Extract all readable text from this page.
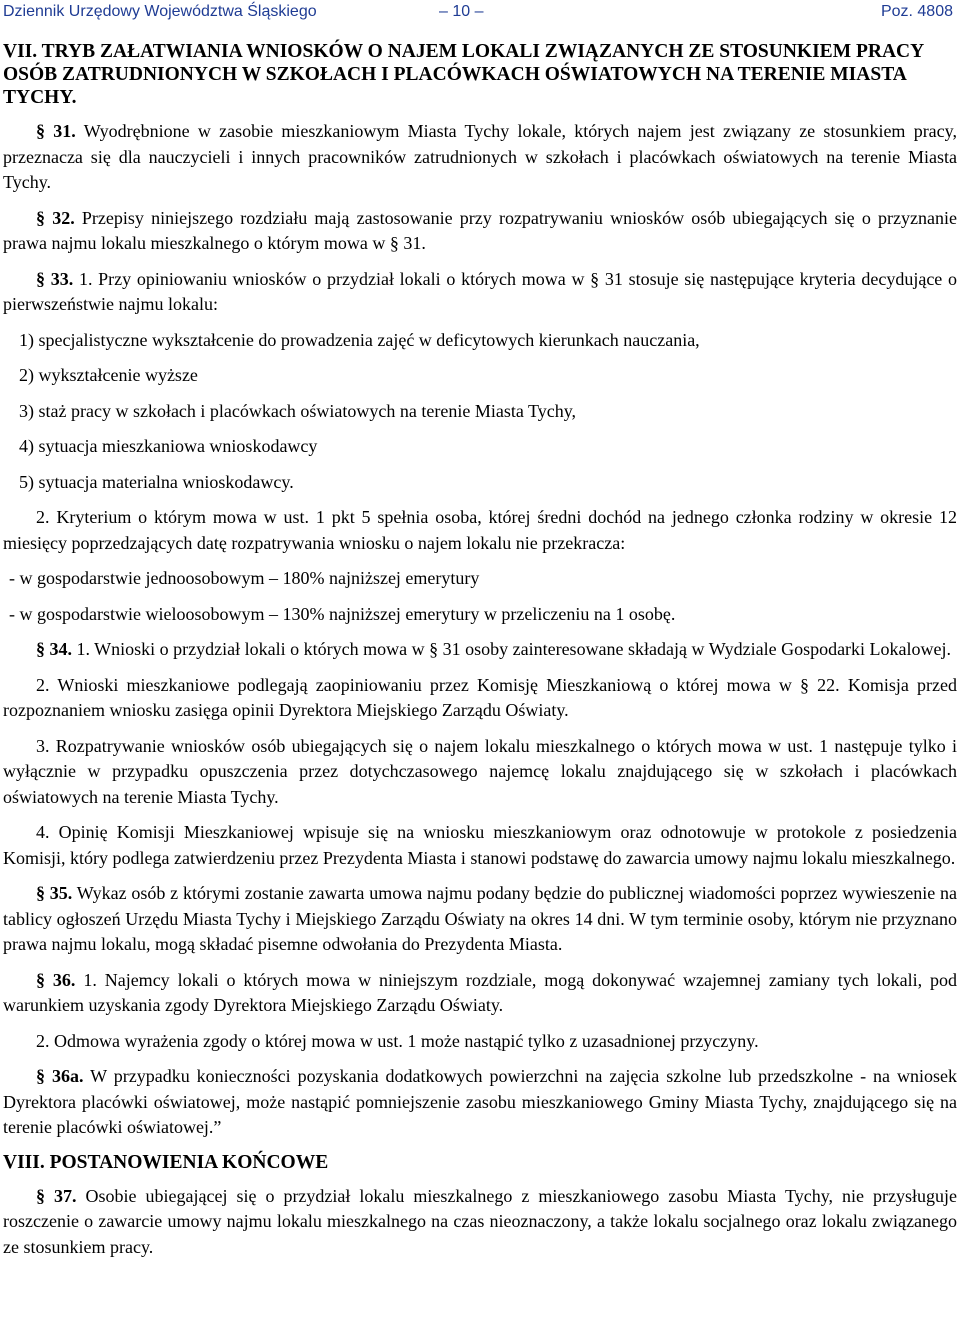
Dziennik Urzędowy Województwa Śląskiego	– 10 –	Poz. 4808
VII. TRYB ZAŁATWIANIA WNIOSKÓW O NAJEM LOKALI ZWIĄZANYCH ZE STOSUNKIEM PRACY OSÓB ZATRUDNIONYCH W SZKOŁACH I PLACÓWKACH OŚWIATOWYCH NA TERENIE MIASTA TYCHY.

§ 31. Wyodrębnione w zasobie mieszkaniowym Miasta Tychy lokale, których najem jest związany ze stosunkiem pracy, przeznacza się dla nauczycieli i innych pracowników zatrudnionych w szkołach i placówkach oświatowych na terenie Miasta Tychy.

§ 32. Przepisy niniejszego rozdziału mają zastosowanie przy rozpatrywaniu wniosków osób ubiegających się o przyznanie prawa najmu lokalu mieszkalnego o którym mowa w § 31.

§ 33. 1. Przy opiniowaniu wniosków o przydział lokali o których mowa w § 31 stosuje się następujące kryteria decydujące o pierwszeństwie najmu lokalu:

1) specjalistyczne wykształcenie do prowadzenia zajęć w deficytowych kierunkach nauczania,

2) wykształcenie wyższe

3) staż pracy w szkołach i placówkach oświatowych na terenie Miasta Tychy,

4) sytuacja mieszkaniowa wnioskodawcy

5) sytuacja materialna wnioskodawcy.

2. Kryterium o którym mowa w ust. 1 pkt 5 spełnia osoba, której średni dochód na jednego członka rodziny w okresie 12 miesięcy poprzedzających datę rozpatrywania wniosku o najem lokalu nie przekracza:

- w gospodarstwie jednoosobowym – 180% najniższej emerytury

- w gospodarstwie wieloosobowym – 130% najniższej emerytury w przeliczeniu na 1 osobę.

§ 34. 1. Wnioski o przydział lokali o których mowa w § 31 osoby zainteresowane składają w Wydziale Gospodarki Lokalowej.

2. Wnioski mieszkaniowe podlegają zaopiniowaniu przez Komisję Mieszkaniową o której mowa w § 22. Komisja przed rozpoznaniem wniosku zasięga opinii Dyrektora Miejskiego Zarządu Oświaty.

3. Rozpatrywanie wniosków osób ubiegających się o najem lokalu mieszkalnego o których mowa w ust. 1 następuje tylko i wyłącznie w przypadku opuszczenia przez dotychczasowego najemcę lokalu znajdującego się w szkołach i placówkach oświatowych na terenie Miasta Tychy.

4. Opinię Komisji Mieszkaniowej wpisuje się na wniosku mieszkaniowym oraz odnotowuje w protokole z posiedzenia Komisji, który podlega zatwierdzeniu przez Prezydenta Miasta i stanowi podstawę do zawarcia umowy najmu lokalu mieszkalnego.

§ 35. Wykaz osób z którymi zostanie zawarta umowa najmu podany będzie do publicznej wiadomości poprzez wywieszenie na tablicy ogłoszeń Urzędu Miasta Tychy i Miejskiego Zarządu Oświaty na okres 14 dni. W tym terminie osoby, którym nie przyznano prawa najmu lokalu, mogą składać pisemne odwołania do Prezydenta Miasta.

§ 36. 1. Najemcy lokali o których mowa w niniejszym rozdziale, mogą dokonywać wzajemnej zamiany tych lokali, pod warunkiem uzyskania zgody Dyrektora Miejskiego Zarządu Oświaty.

2. Odmowa wyrażenia zgody o której mowa w ust. 1 może nastąpić tylko z uzasadnionej przyczyny.

§ 36a. W przypadku konieczności pozyskania dodatkowych powierzchni na zajęcia szkolne lub przedszkolne - na wniosek Dyrektora placówki oświatowej, może nastąpić pomniejszenie zasobu mieszkaniowego Gminy Miasta Tychy, znajdującego się na terenie placówki oświatowej.”

VIII. POSTANOWIENIA KOŃCOWE

§ 37. Osobie ubiegającej się o przydział lokalu mieszkalnego z mieszkaniowego zasobu Miasta Tychy, nie przysługuje roszczenie o zawarcie umowy najmu lokalu mieszkalnego na czas nieoznaczony, a także lokalu socjalnego oraz lokalu związanego ze stosunkiem pracy.
